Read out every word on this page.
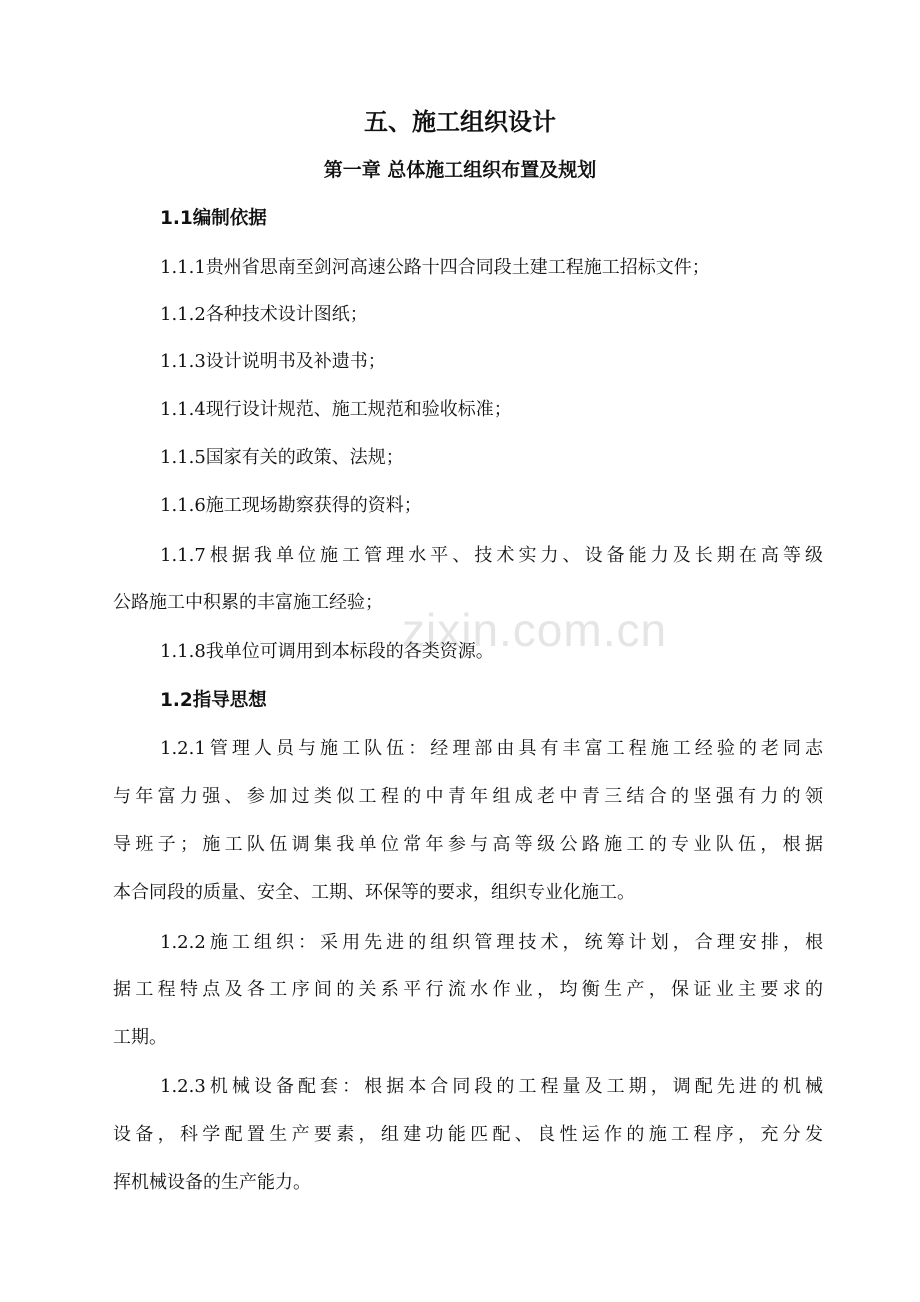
五、施工组织设计
第一章 总体施工组织布置及规划

1.1编制依据

1.1.1贵州省思南至剑河高速公路十四合同段土建工程施工招标文件；

1.1.2各种技术设计图纸；

1.1.3设计说明书及补遗书；

1.1.4现行设计规范、施工规范和验收标准；

1.1.5国家有关的政策、法规；

1.1.6施工现场勘察获得的资料；

1.1.7根据我单位施工管理水平、技术实力、设备能力及长期在高等级

公路施工中积累的丰富施工经验；

1.1.8我单位可调用到本标段的各类资源。

1.2指导思想

1.2.1管理人员与施工队伍：经理部由具有丰富工程施工经验的老同志

与年富力强、参加过类似工程的中青年组成老中青三结合的坚强有力的领

导班子；施工队伍调集我单位常年参与高等级公路施工的专业队伍，根据

本合同段的质量、安全、工期、环保等的要求，组织专业化施工。

1.2.2施工组织：采用先进的组织管理技术，统筹计划，合理安排，根

据工程特点及各工序间的关系平行流水作业，均衡生产，保证业主要求的

工期。

1.2.3机械设备配套：根据本合同段的工程量及工期，调配先进的机械

设备，科学配置生产要素，组建功能匹配、良性运作的施工程序，充分发

挥机械设备的生产能力。

zixin.com.cn
